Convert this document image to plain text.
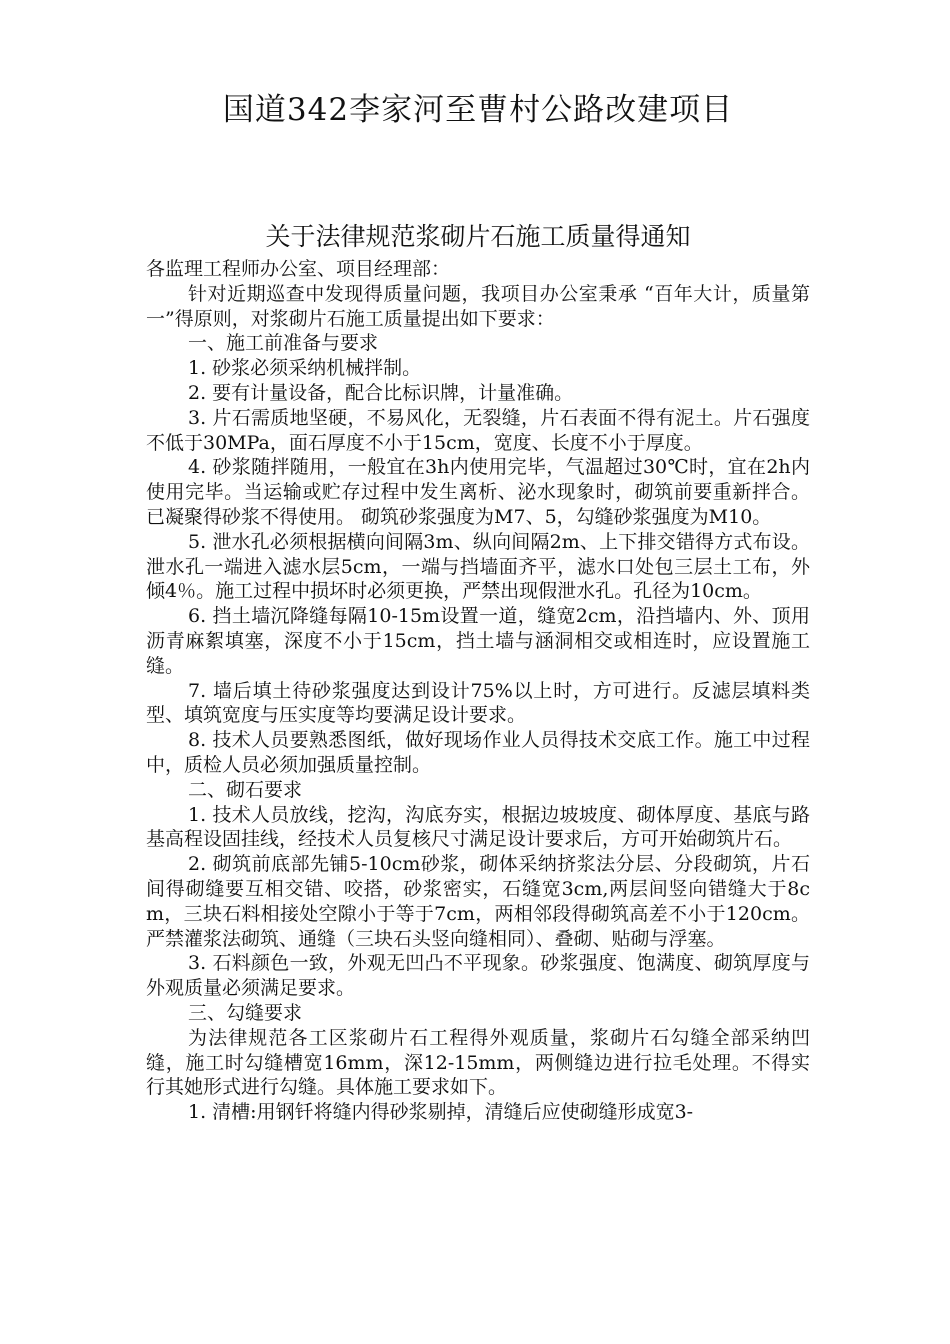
国道342李家河至曹村公路改建项目
关于法律规范浆砌片石施工质量得通知

各监理工程师办公室、项目经理部：

针对近期巡查中发现得质量问题，我项目办公室秉承 “百年大计，质量第一”得原则，对浆砌片石施工质量提出如下要求：

一、施工前准备与要求

1. 砂浆必须采纳机械拌制。

2. 要有计量设备，配合比标识牌，计量准确。

3. 片石需质地坚硬，不易风化，无裂缝，片石表面不得有泥土。片石强度不低于30MPa，面石厚度不小于15cm，宽度、长度不小于厚度。

4. 砂浆随拌随用，一般宜在3h内使用完毕，气温超过30℃时，宜在2h内使用完毕。当运输或贮存过程中发生离析、泌水现象时，砌筑前要重新拌合。已凝聚得砂浆不得使用。 砌筑砂浆强度为M7、5，勾缝砂浆强度为M10。

5. 泄水孔必须根据横向间隔3m、纵向间隔2m、上下排交错得方式布设。泄水孔一端进入滤水层5cm，一端与挡墙面齐平，滤水口处包三层土工布，外倾4％。施工过程中损坏时必须更换，严禁出现假泄水孔。孔径为10cm。

6. 挡土墙沉降缝每隔10-15m设置一道，缝宽2cm，沿挡墙内、外、顶用沥青麻絮填塞，深度不小于15cm，挡土墙与涵洞相交或相连时，应设置施工缝。

7. 墙后填土待砂浆强度达到设计75%以上时，方可进行。反滤层填料类型、填筑宽度与压实度等均要满足设计要求。

8. 技术人员要熟悉图纸，做好现场作业人员得技术交底工作。施工中过程中，质检人员必须加强质量控制。

二、砌石要求

1. 技术人员放线，挖沟，沟底夯实，根据边坡坡度、砌体厚度、基底与路基高程设固挂线，经技术人员复核尺寸满足设计要求后，方可开始砌筑片石。

2. 砌筑前底部先铺5-10cm砂浆，砌体采纳挤浆法分层、分段砌筑，片石间得砌缝要互相交错、咬搭，砂浆密实，石缝宽3cm,两层间竖向错缝大于8cm，三块石料相接处空隙小于等于7cm，两相邻段得砌筑高差不小于120cm。严禁灌浆法砌筑、通缝（三块石头竖向缝相同）、叠砌、贴砌与浮塞。

3. 石料颜色一致，外观无凹凸不平现象。砂浆强度、饱满度、砌筑厚度与外观质量必须满足要求。

三、勾缝要求

为法律规范各工区浆砌片石工程得外观质量，浆砌片石勾缝全部采纳凹缝，施工时勾缝槽宽16mm，深12-15mm，两侧缝边进行拉毛处理。不得实行其她形式进行勾缝。具体施工要求如下。

1. 清槽:用钢钎将缝内得砂浆剔掉，清缝后应使砌缝形成宽3-
